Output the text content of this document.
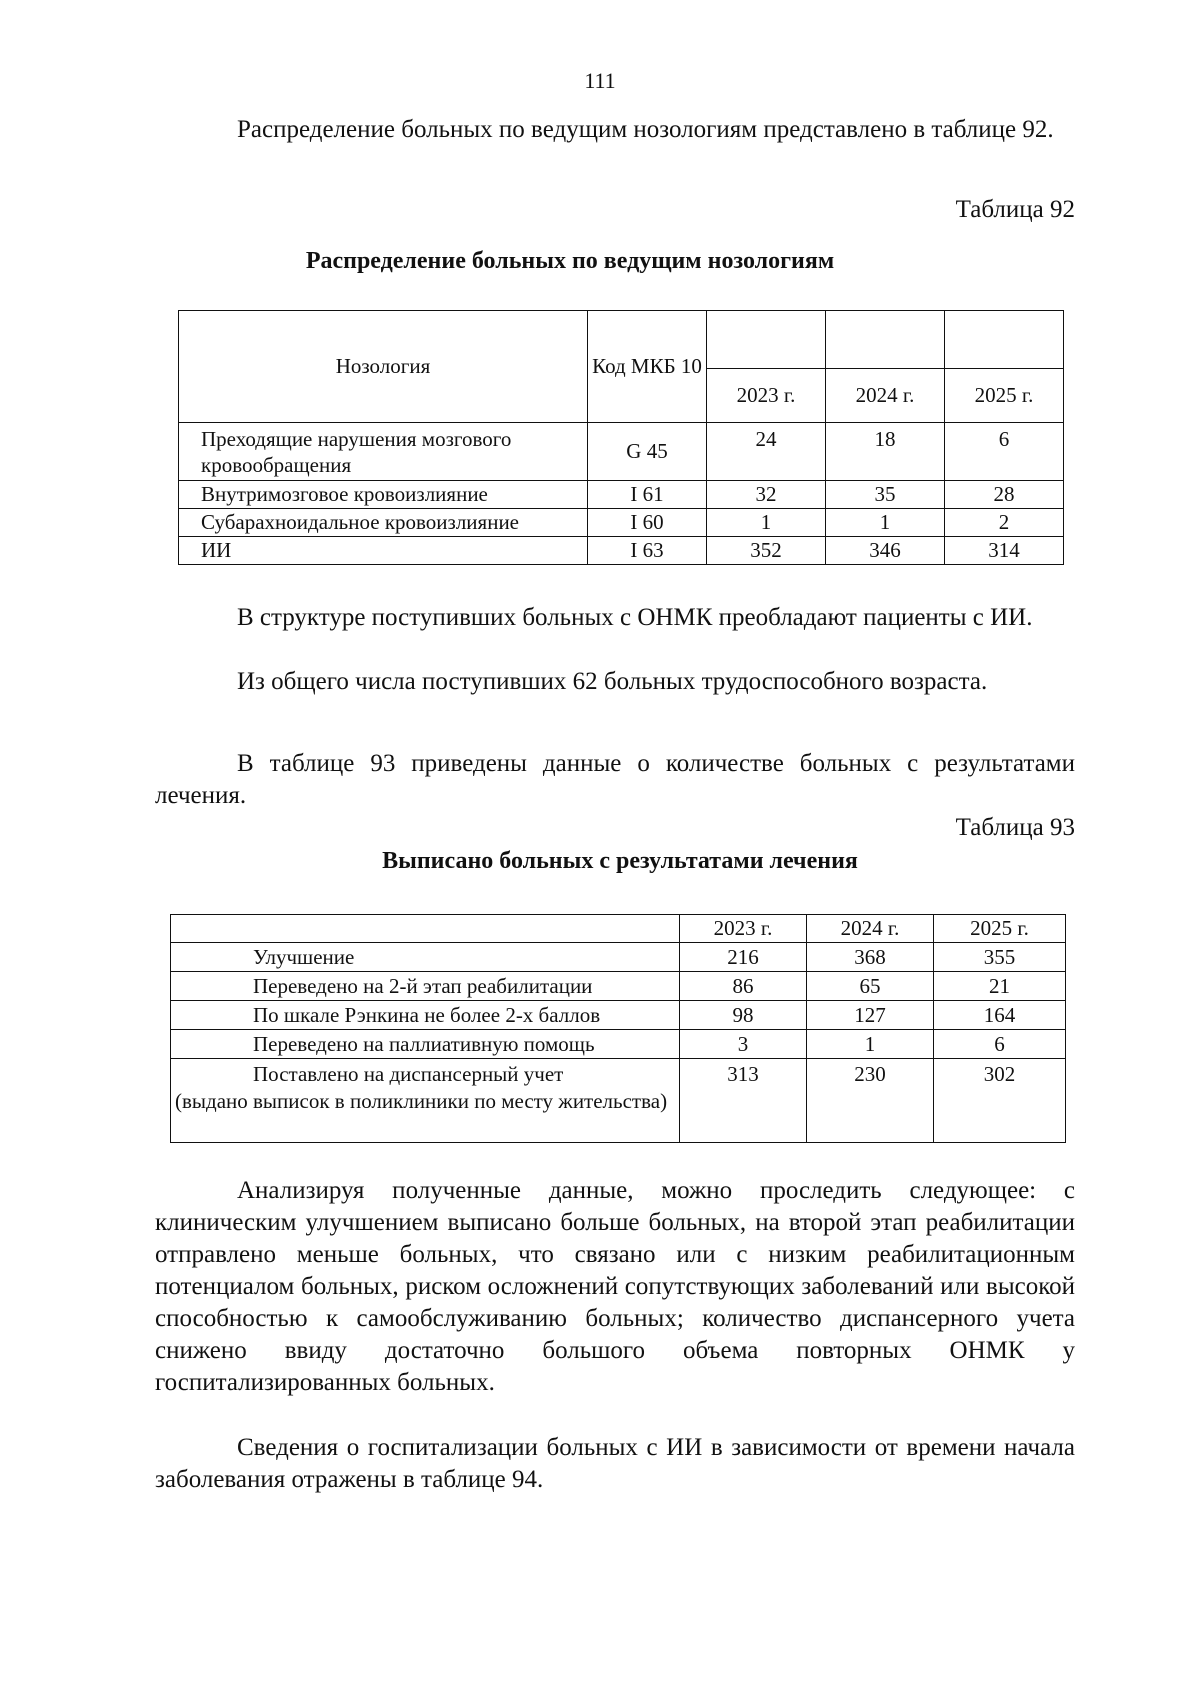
111
Распределение больных по ведущим нозологиям представлено в таблице 92.
Таблица 92
Распределение больных по ведущим нозологиям
Нозология	Код МКБ 10			
		2023 г.	2024 г.	2025 г.
Преходящие нарушения мозгового кровообращения	G 45	24	18	6
Внутримозговое кровоизлияние	I 61	32	35	28
Субарахноидальное кровоизлияние	I 60	1	1	2
ИИ	I 63	352	346	314
В структуре поступивших больных с ОНМК преобладают пациенты с ИИ.
Из общего числа поступивших 62 больных трудоспособного возраста.
В таблице 93 приведены данные о количестве больных с результатами лечения.
Таблица 93
Выписано больных с результатами лечения
	2023 г.	2024 г.	2025 г.
Улучшение	216	368	355
Переведено на 2-й этап реабилитации	86	65	21
По шкале Рэнкина не более 2-х баллов	98	127	164
Переведено на паллиативную помощь	3	1	6
Поставлено на диспансерный учет
(выдано выписок в поликлиники по месту жительства)	313	230	302
Анализируя полученные данные, можно проследить следующее: с клиническим улучшением выписано больше больных, на второй этап реабилитации отправлено меньше больных, что связано или с низким реабилитационным потенциалом больных, риском осложнений сопутствующих заболеваний или высокой способностью к самообслуживанию больных; количество диспансерного учета снижено ввиду достаточно большого объема повторных ОНМК у госпитализированных больных.
Сведения о госпитализации больных с ИИ в зависимости от времени начала заболевания отражены в таблице 94.
